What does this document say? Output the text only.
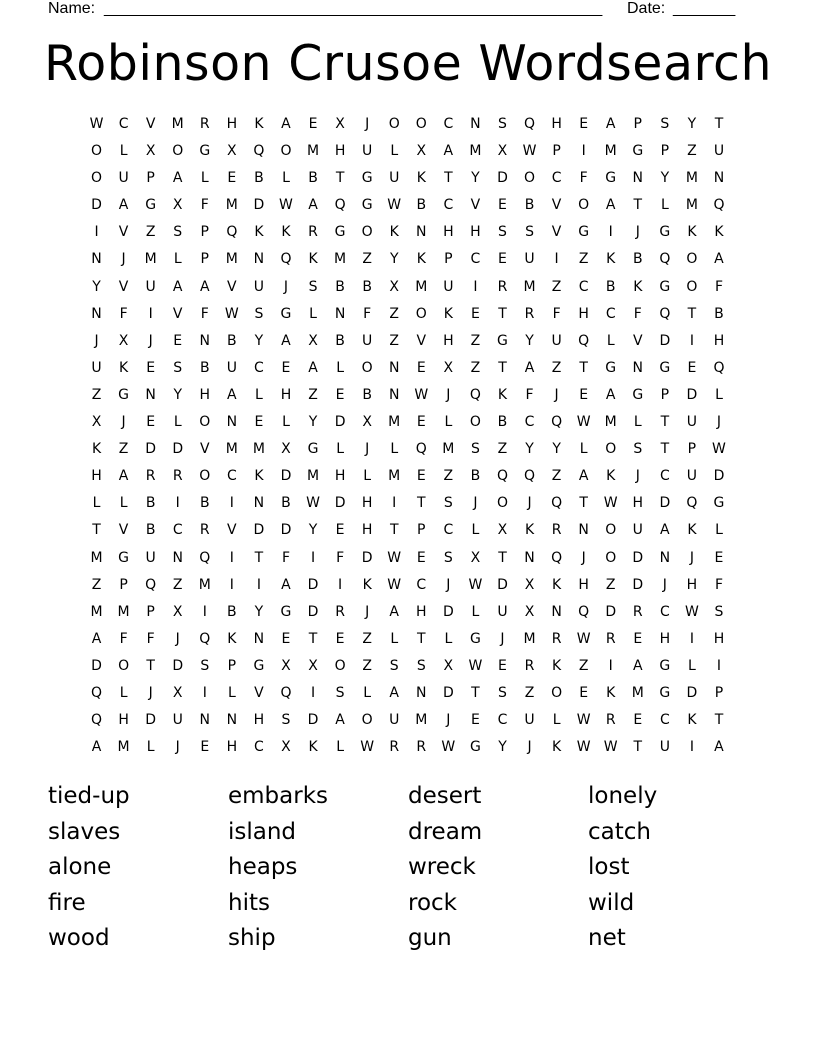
Name: ________________________________________________________ Date: _______
Robinson Crusoe Wordsearch
W	C	V	M	R	H	K	A	E	X	J	O	O	C	N	S	Q	H	E	A	P	S	Y	T
O	L	X	O	G	X	Q	O	M	H	U	L	X	A	M	X	W	P	I	M	G	P	Z	U
O	U	P	A	L	E	B	L	B	T	G	U	K	T	Y	D	O	C	F	G	N	Y	M	N
D	A	G	X	F	M	D	W	A	Q	G	W	B	C	V	E	B	V	O	A	T	L	M	Q
I	V	Z	S	P	Q	K	K	R	G	O	K	N	H	H	S	S	V	G	I	J	G	K	K
N	J	M	L	P	M	N	Q	K	M	Z	Y	K	P	C	E	U	I	Z	K	B	Q	O	A
Y	V	U	A	A	V	U	J	S	B	B	X	M	U	I	R	M	Z	C	B	K	G	O	F
N	F	I	V	F	W	S	G	L	N	F	Z	O	K	E	T	R	F	H	C	F	Q	T	B
J	X	J	E	N	B	Y	A	X	B	U	Z	V	H	Z	G	Y	U	Q	L	V	D	I	H
U	K	E	S	B	U	C	E	A	L	O	N	E	X	Z	T	A	Z	T	G	N	G	E	Q
Z	G	N	Y	H	A	L	H	Z	E	B	N	W	J	Q	K	F	J	E	A	G	P	D	L
X	J	E	L	O	N	E	L	Y	D	X	M	E	L	O	B	C	Q	W	M	L	T	U	J
K	Z	D	D	V	M	M	X	G	L	J	L	Q	M	S	Z	Y	Y	L	O	S	T	P	W
H	A	R	R	O	C	K	D	M	H	L	M	E	Z	B	Q	Q	Z	A	K	J	C	U	D
L	L	B	I	B	I	N	B	W	D	H	I	T	S	J	O	J	Q	T	W	H	D	Q	G
T	V	B	C	R	V	D	D	Y	E	H	T	P	C	L	X	K	R	N	O	U	A	K	L
M	G	U	N	Q	I	T	F	I	F	D	W	E	S	X	T	N	Q	J	O	D	N	J	E
Z	P	Q	Z	M	I	I	A	D	I	K	W	C	J	W	D	X	K	H	Z	D	J	H	F
M	M	P	X	I	B	Y	G	D	R	J	A	H	D	L	U	X	N	Q	D	R	C	W	S
A	F	F	J	Q	K	N	E	T	E	Z	L	T	L	G	J	M	R	W	R	E	H	I	H
D	O	T	D	S	P	G	X	X	O	Z	S	S	X	W	E	R	K	Z	I	A	G	L	I
Q	L	J	X	I	L	V	Q	I	S	L	A	N	D	T	S	Z	O	E	K	M	G	D	P
Q	H	D	U	N	N	H	S	D	A	O	U	M	J	E	C	U	L	W	R	E	C	K	T
A	M	L	J	E	H	C	X	K	L	W	R	R	W	G	Y	J	K	W W	T	U	I	A
tied-up	embarks	desert	lonely
slaves	island	dream	catch
alone	heaps	wreck	lost
fire	hits	rock	wild
wood	ship	gun	net
